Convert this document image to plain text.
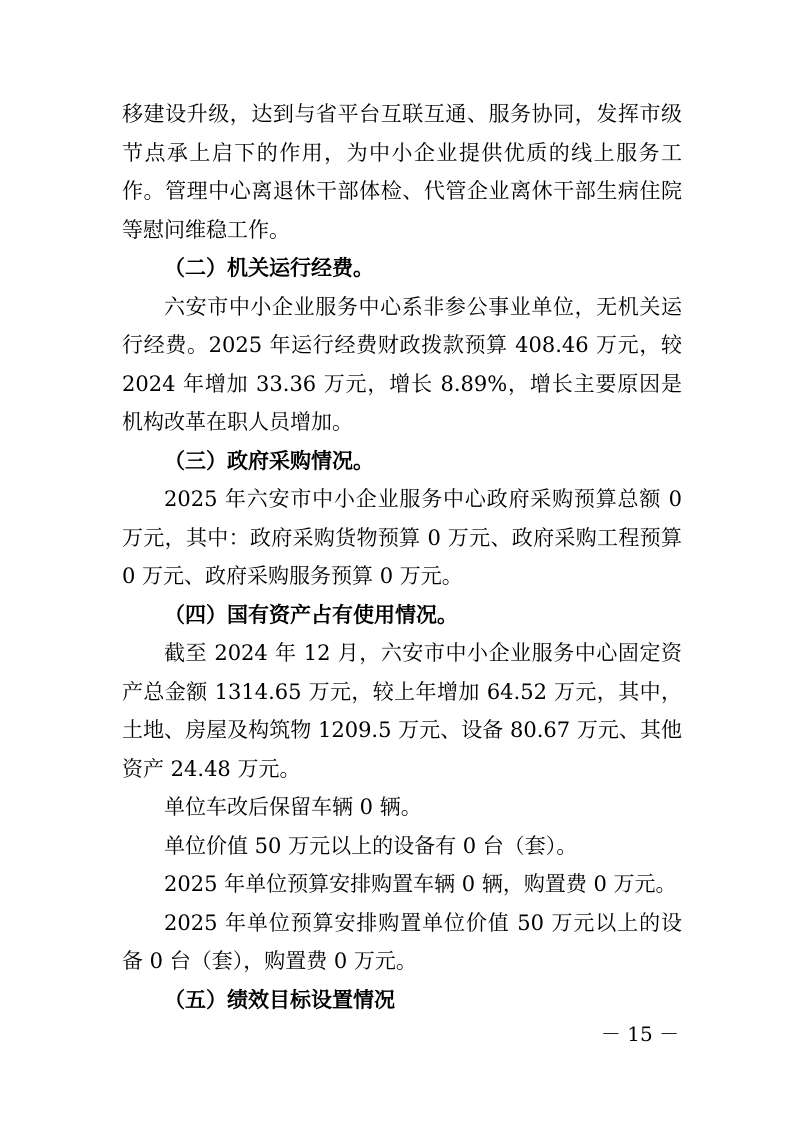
移建设升级，达到与省平台互联互通、服务协同，发挥市级节点承上启下的作用，为中小企业提供优质的线上服务工作。管理中心离退休干部体检、代管企业离休干部生病住院等慰问维稳工作。

（二）机关运行经费。

六安市中小企业服务中心系非参公事业单位，无机关运行经费。2025 年运行经费财政拨款预算 408.46 万元，较 2024 年增加 33.36 万元，增长 8.89%，增长主要原因是机构改革在职人员增加。

（三）政府采购情况。

2025 年六安市中小企业服务中心政府采购预算总额 0 万元，其中：政府采购货物预算 0 万元、政府采购工程预算 0 万元、政府采购服务预算 0 万元。

（四）国有资产占有使用情况。

截至 2024 年 12 月，六安市中小企业服务中心固定资产总金额 1314.65 万元，较上年增加 64.52 万元，其中，土地、房屋及构筑物 1209.5 万元、设备 80.67 万元、其他资产 24.48 万元。

单位车改后保留车辆 0 辆。

单位价值 50 万元以上的设备有 0 台（套）。

2025 年单位预算安排购置车辆 0 辆，购置费 0 万元。

2025 年单位预算安排购置单位价值 50 万元以上的设备 0 台（套），购置费 0 万元。

（五）绩效目标设置情况

－ 15 －
